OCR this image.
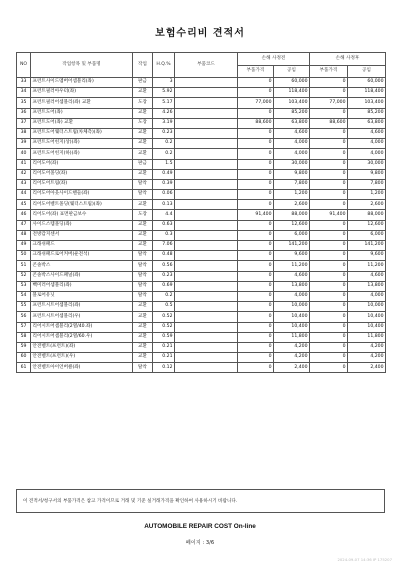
보험수리비 견적서
NO	작업항목 및 부품명	작업	H.Q.%	부품코드	손해 사정전		손해 사정후	
					부품가격	공임	부품가격	공임
33	프런트사이드멤버어셈블리(좌)	판금	3		0	60,000	0	60,000
34	프런트필러아우터(좌)	교환	5.92		0	118,400	0	118,400
35	프런트필러어셈블리(좌) 교환	도장	5.17		77,000	103,400	77,000	103,400
36	프런트도어(좌)	교환	4.26		0	85,200	0	85,200
37	프런트도어(좌) 교환	도장	3.19		88,600	63,800	88,600	63,800
38	프런트도어웨더스트립(차체측)(좌)	교환	0.23		0	4,600	0	4,600
39	프런트도어힌지(상)(좌)	교환	0.2		0	4,000	0	4,000
40	프런트도어힌지(하)(좌)	교환	0.2		0	4,000	0	4,000
41	리어도어(좌)	판금	1.5		0	30,000	0	30,000
42	리어도어몰딩(좌)	교환	0.49		0	9,800	0	9,800
43	리어도어트림(좌)	탈착	0.39		0	7,800	0	7,800
44	리어도어아웃사이드핸들(좌)	탈착	0.06		0	1,200	0	1,200
45	리어도어벨트몰딩(웨더스트립)(좌)	교환	0.13		0	2,600	0	2,600
46	리어도어(좌) 표면판금보수	도장	4.4		91,400	88,000	91,400	88,000
47	사이드스텝몰딩(좌)	교환	0.63		0	12,600	0	12,600
48	전방감지센서	교환	0.3		0	6,000	0	6,000
49	크래쉬패드	교환	7.06		0	141,200	0	141,200
50	크래쉬패드로어커버(운전석)	탈착	0.48		0	9,600	0	9,600
51	콘솔박스	탈착	0.56		0	11,200	0	11,200
52	콘솔박스사이드패널(좌)	탈착	0.23		0	4,600	0	4,600
53	빽미러어셈블리(좌)	탈착	0.69		0	13,800	0	13,800
54	블로어유닛	탈착	0.2		0	4,000	0	4,000
55	프런트시트어셈블리(좌)	교환	0.5		0	10,000	0	10,000
56	프런트시트어셈블리(우)	교환	0.52		0	10,400	0	10,400
57	리어시트어셈블리(2열/40.좌)	교환	0.52		0	10,400	0	10,400
58	리어시트어셈블리(2열/60.우)	교환	0.59		0	11,800	0	11,800
59	안전벨트(프런트)(좌)	교환	0.21		0	4,200	0	4,200
60	안전벨트(프런트)(우)	교환	0.21		0	4,200	0	4,200
61	안전벨트아이언버클(좌)	탈착	0.12		0	2,400	0	2,400
이 견적서/청구서의 부품가격은 참고 가격이므로 거래 및 기준 실거래가격을 확인하여 사용하시기 바랍니다.
AUTOMOBILE REPAIR COST On-line
페이지 : 3/6
2024-09-07 14:36 IP 175207
